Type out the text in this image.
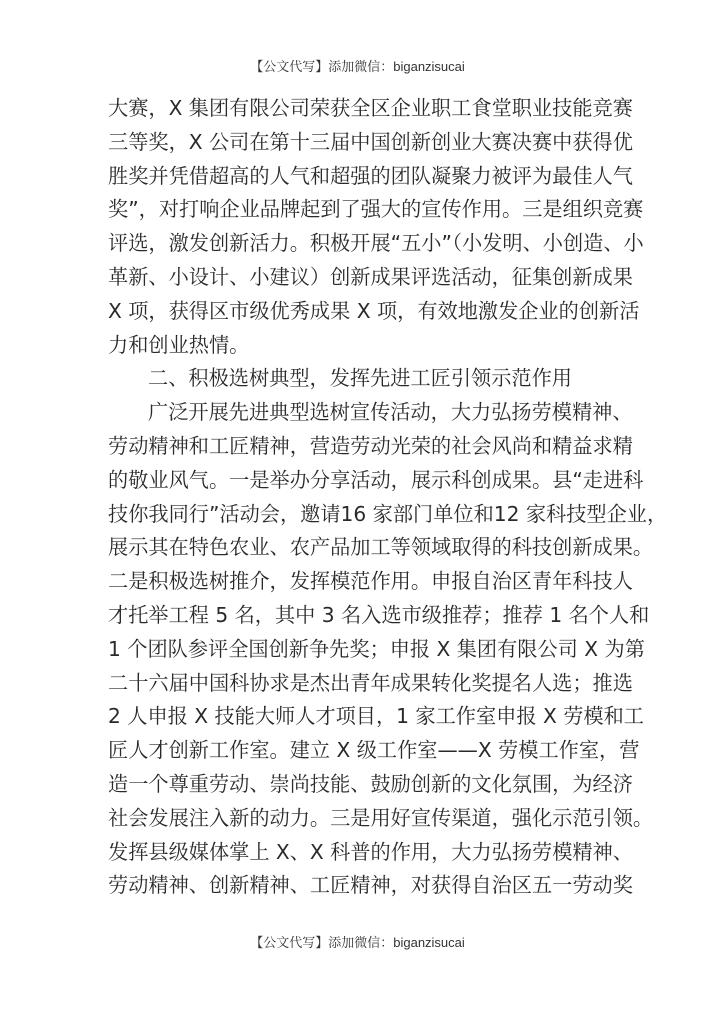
【公文代写】添加微信：biganzisucai
大赛，X 集团有限公司荣获全区企业职工食堂职业技能竞赛
三等奖，X 公司在第十三届中国创新创业大赛决赛中获得优
胜奖并凭借超高的人气和超强的团队凝聚力被评为最佳人气
奖”，对打响企业品牌起到了强大的宣传作用。三是组织竞赛
评选，激发创新活力。积极开展“五小”（小发明、小创造、小
革新、小设计、小建议）创新成果评选活动，征集创新成果
X 项，获得区市级优秀成果 X 项，有效地激发企业的创新活
力和创业热情。
二、积极选树典型，发挥先进工匠引领示范作用
广泛开展先进典型选树宣传活动，大力弘扬劳模精神、
劳动精神和工匠精神，营造劳动光荣的社会风尚和精益求精
的敬业风气。一是举办分享活动，展示科创成果。县“走进科
技你我同行”活动会，邀请16 家部门单位和12 家科技型企业，
展示其在特色农业、农产品加工等领域取得的科技创新成果。
二是积极选树推介，发挥模范作用。申报自治区青年科技人
才托举工程 5 名，其中 3 名入选市级推荐；推荐 1 名个人和
1 个团队参评全国创新争先奖；申报 X 集团有限公司 X 为第
二十六届中国科协求是杰出青年成果转化奖提名人选；推选
2 人申报 X 技能大师人才项目，1 家工作室申报 X 劳模和工
匠人才创新工作室。建立 X 级工作室——X 劳模工作室，营
造一个尊重劳动、崇尚技能、鼓励创新的文化氛围，为经济
社会发展注入新的动力。三是用好宣传渠道，强化示范引领。
发挥县级媒体掌上 X、X 科普的作用，大力弘扬劳模精神、
劳动精神、创新精神、工匠精神，对获得自治区五一劳动奖
【公文代写】添加微信：biganzisucai
